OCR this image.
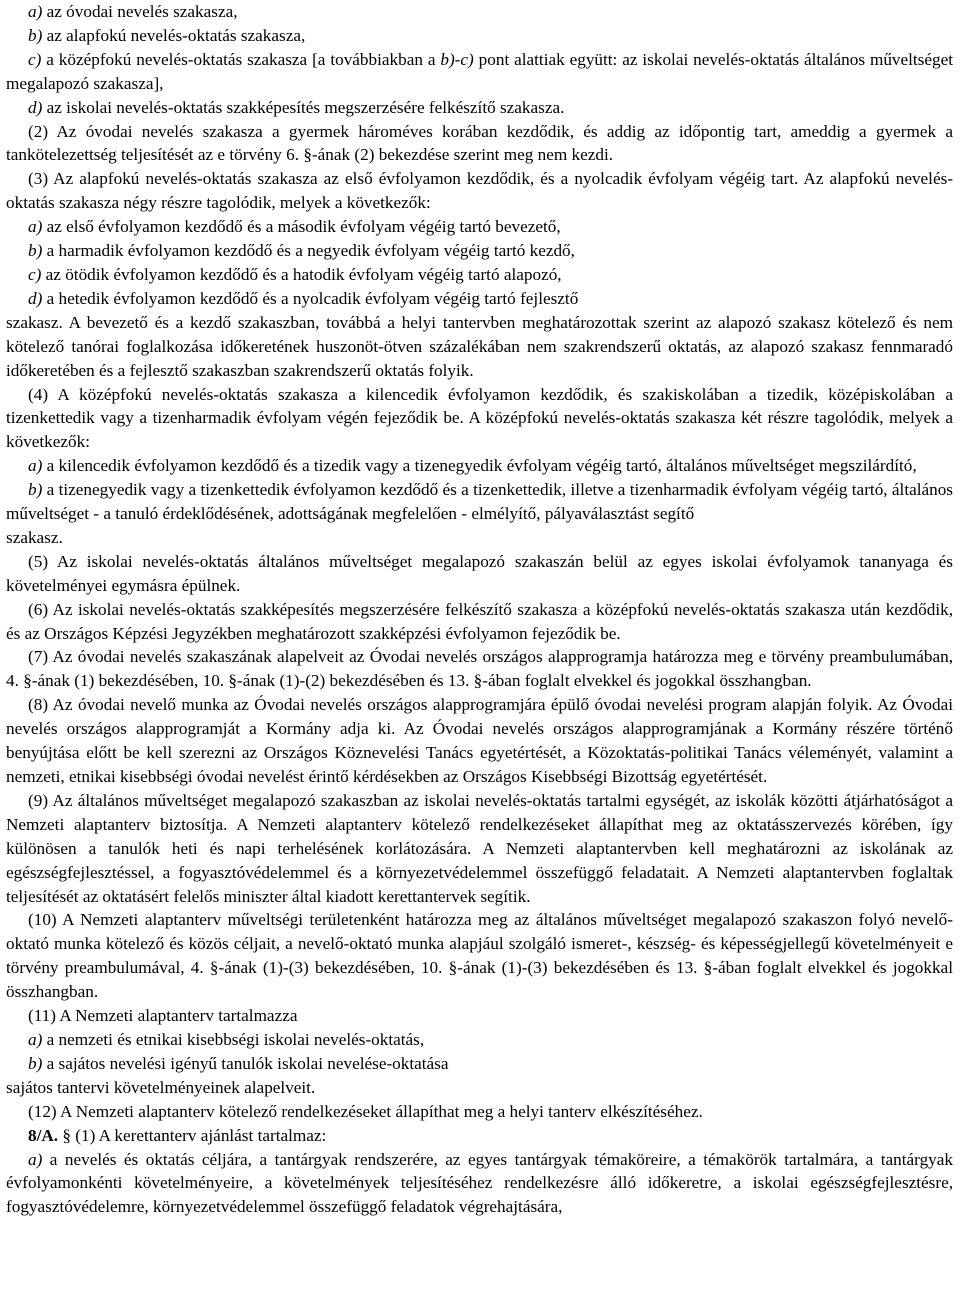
a) az óvodai nevelés szakasza,

b) az alapfokú nevelés-oktatás szakasza,

c) a középfokú nevelés-oktatás szakasza [a továbbiakban a b)-c) pont alattiak együtt: az iskolai nevelés-oktatás általános műveltséget megalapozó szakasza],

d) az iskolai nevelés-oktatás szakképesítés megszerzésére felkészítő szakasza.

(2) Az óvodai nevelés szakasza a gyermek hároméves korában kezdődik, és addig az időpontig tart, ameddig a gyermek a tankötelezettség teljesítését az e törvény 6. §-ának (2) bekezdése szerint meg nem kezdi.

(3) Az alapfokú nevelés-oktatás szakasza az első évfolyamon kezdődik, és a nyolcadik évfolyam végéig tart. Az alapfokú nevelés-oktatás szakasza négy részre tagolódik, melyek a következők:

a) az első évfolyamon kezdődő és a második évfolyam végéig tartó bevezető,

b) a harmadik évfolyamon kezdődő és a negyedik évfolyam végéig tartó kezdő,

c) az ötödik évfolyamon kezdődő és a hatodik évfolyam végéig tartó alapozó,

d) a hetedik évfolyamon kezdődő és a nyolcadik évfolyam végéig tartó fejlesztő

szakasz. A bevezető és a kezdő szakaszban, továbbá a helyi tantervben meghatározottak szerint az alapozó szakasz kötelező és nem kötelező tanórai foglalkozása időkeretének huszonöt-ötven százalékában nem szakrendszerű oktatás, az alapozó szakasz fennmaradó időkeretében és a fejlesztő szakaszban szakrendszerű oktatás folyik.

(4) A középfokú nevelés-oktatás szakasza a kilencedik évfolyamon kezdődik, és szakiskolában a tizedik, középiskolában a tizenkettedik vagy a tizenharmadik évfolyam végén fejeződik be. A középfokú nevelés-oktatás szakasza két részre tagolódik, melyek a következők:

a) a kilencedik évfolyamon kezdődő és a tizedik vagy a tizenegyedik évfolyam végéig tartó, általános műveltséget megszilárdító,

b) a tizenegyedik vagy a tizenkettedik évfolyamon kezdődő és a tizenkettedik, illetve a tizenharmadik évfolyam végéig tartó, általános műveltséget - a tanuló érdeklődésének, adottságának megfelelően - elmélyítő, pályaválasztást segítő

szakasz.

(5) Az iskolai nevelés-oktatás általános műveltséget megalapozó szakaszán belül az egyes iskolai évfolyamok tananyaga és követelményei egymásra épülnek.

(6) Az iskolai nevelés-oktatás szakképesítés megszerzésére felkészítő szakasza a középfokú nevelés-oktatás szakasza után kezdődik, és az Országos Képzési Jegyzékben meghatározott szakképzési évfolyamon fejeződik be.

(7) Az óvodai nevelés szakaszának alapelveit az Óvodai nevelés országos alapprogramja határozza meg e törvény preambulumában, 4. §-ának (1) bekezdésében, 10. §-ának (1)-(2) bekezdésében és 13. §-ában foglalt elvekkel és jogokkal összhangban.

(8) Az óvodai nevelő munka az Óvodai nevelés országos alapprogramjára épülő óvodai nevelési program alapján folyik. Az Óvodai nevelés országos alapprogramját a Kormány adja ki. Az Óvodai nevelés országos alapprogramjának a Kormány részére történő benyújtása előtt be kell szerezni az Országos Köznevelési Tanács egyetértését, a Közoktatás-politikai Tanács véleményét, valamint a nemzeti, etnikai kisebbségi óvodai nevelést érintő kérdésekben az Országos Kisebbségi Bizottság egyetértését.

(9) Az általános műveltséget megalapozó szakaszban az iskolai nevelés-oktatás tartalmi egységét, az iskolák közötti átjárhatóságot a Nemzeti alaptanterv biztosítja. A Nemzeti alaptanterv kötelező rendelkezéseket állapíthat meg az oktatásszervezés körében, így különösen a tanulók heti és napi terhelésének korlátozására. A Nemzeti alaptantervben kell meghatározni az iskolának az egészségfejlesztéssel, a fogyasztóvédelemmel és a környezetvédelemmel összefüggő feladatait. A Nemzeti alaptantervben foglaltak teljesítését az oktatásért felelős miniszter által kiadott kerettantervek segítik.

(10) A Nemzeti alaptanterv műveltségi területenként határozza meg az általános műveltséget megalapozó szakaszon folyó nevelő-oktató munka kötelező és közös céljait, a nevelő-oktató munka alapjául szolgáló ismeret-, készség- és képességjellegű követelményeit e törvény preambulumával, 4. §-ának (1)-(3) bekezdésében, 10. §-ának (1)-(3) bekezdésében és 13. §-ában foglalt elvekkel és jogokkal összhangban.

(11) A Nemzeti alaptanterv tartalmazza

a) a nemzeti és etnikai kisebbségi iskolai nevelés-oktatás,

b) a sajátos nevelési igényű tanulók iskolai nevelése-oktatása

sajátos tantervi követelményeinek alapelveit.

(12) A Nemzeti alaptanterv kötelező rendelkezéseket állapíthat meg a helyi tanterv elkészítéséhez.

8/A. § (1) A kerettanterv ajánlást tartalmaz:

a) a nevelés és oktatás céljára, a tantárgyak rendszerére, az egyes tantárgyak témaköreire, a témakörök tartalmára, a tantárgyak évfolyamonkénti követelményeire, a követelmények teljesítéséhez rendelkezésre álló időkeretre, a iskolai egészségfejlesztésre, fogyasztóvédelemre, környezetvédelemmel összefüggő feladatok végrehajtására,
